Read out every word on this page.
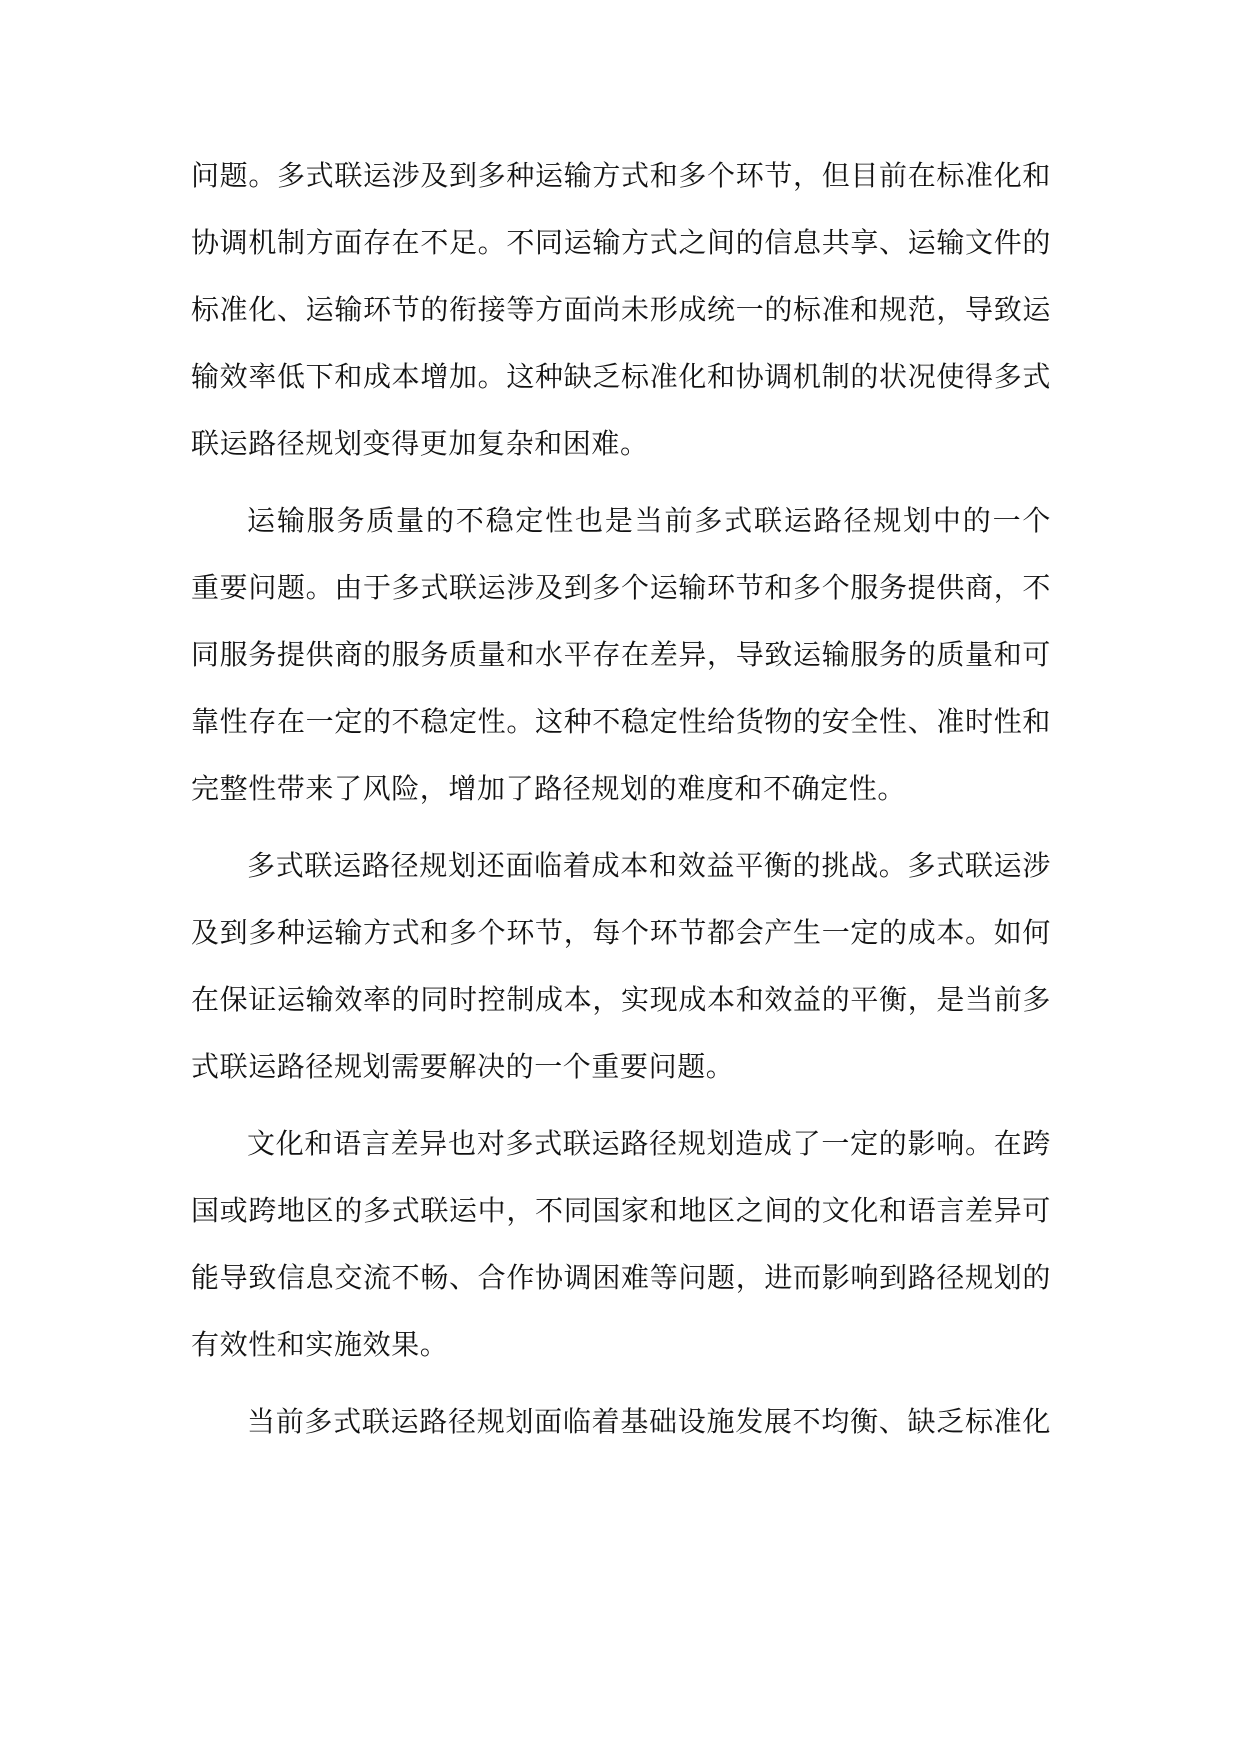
问题。多式联运涉及到多种运输方式和多个环节，但目前在标准化和
协调机制方面存在不足。不同运输方式之间的信息共享、运输文件的
标准化、运输环节的衔接等方面尚未形成统一的标准和规范，导致运
输效率低下和成本增加。这种缺乏标准化和协调机制的状况使得多式
联运路径规划变得更加复杂和困难。
运输服务质量的不稳定性也是当前多式联运路径规划中的一个
重要问题。由于多式联运涉及到多个运输环节和多个服务提供商，不
同服务提供商的服务质量和水平存在差异，导致运输服务的质量和可
靠性存在一定的不稳定性。这种不稳定性给货物的安全性、准时性和
完整性带来了风险，增加了路径规划的难度和不确定性。
多式联运路径规划还面临着成本和效益平衡的挑战。多式联运涉
及到多种运输方式和多个环节，每个环节都会产生一定的成本。如何
在保证运输效率的同时控制成本，实现成本和效益的平衡，是当前多
式联运路径规划需要解决的一个重要问题。
文化和语言差异也对多式联运路径规划造成了一定的影响。在跨
国或跨地区的多式联运中，不同国家和地区之间的文化和语言差异可
能导致信息交流不畅、合作协调困难等问题，进而影响到路径规划的
有效性和实施效果。
当前多式联运路径规划面临着基础设施发展不均衡、缺乏标准化
